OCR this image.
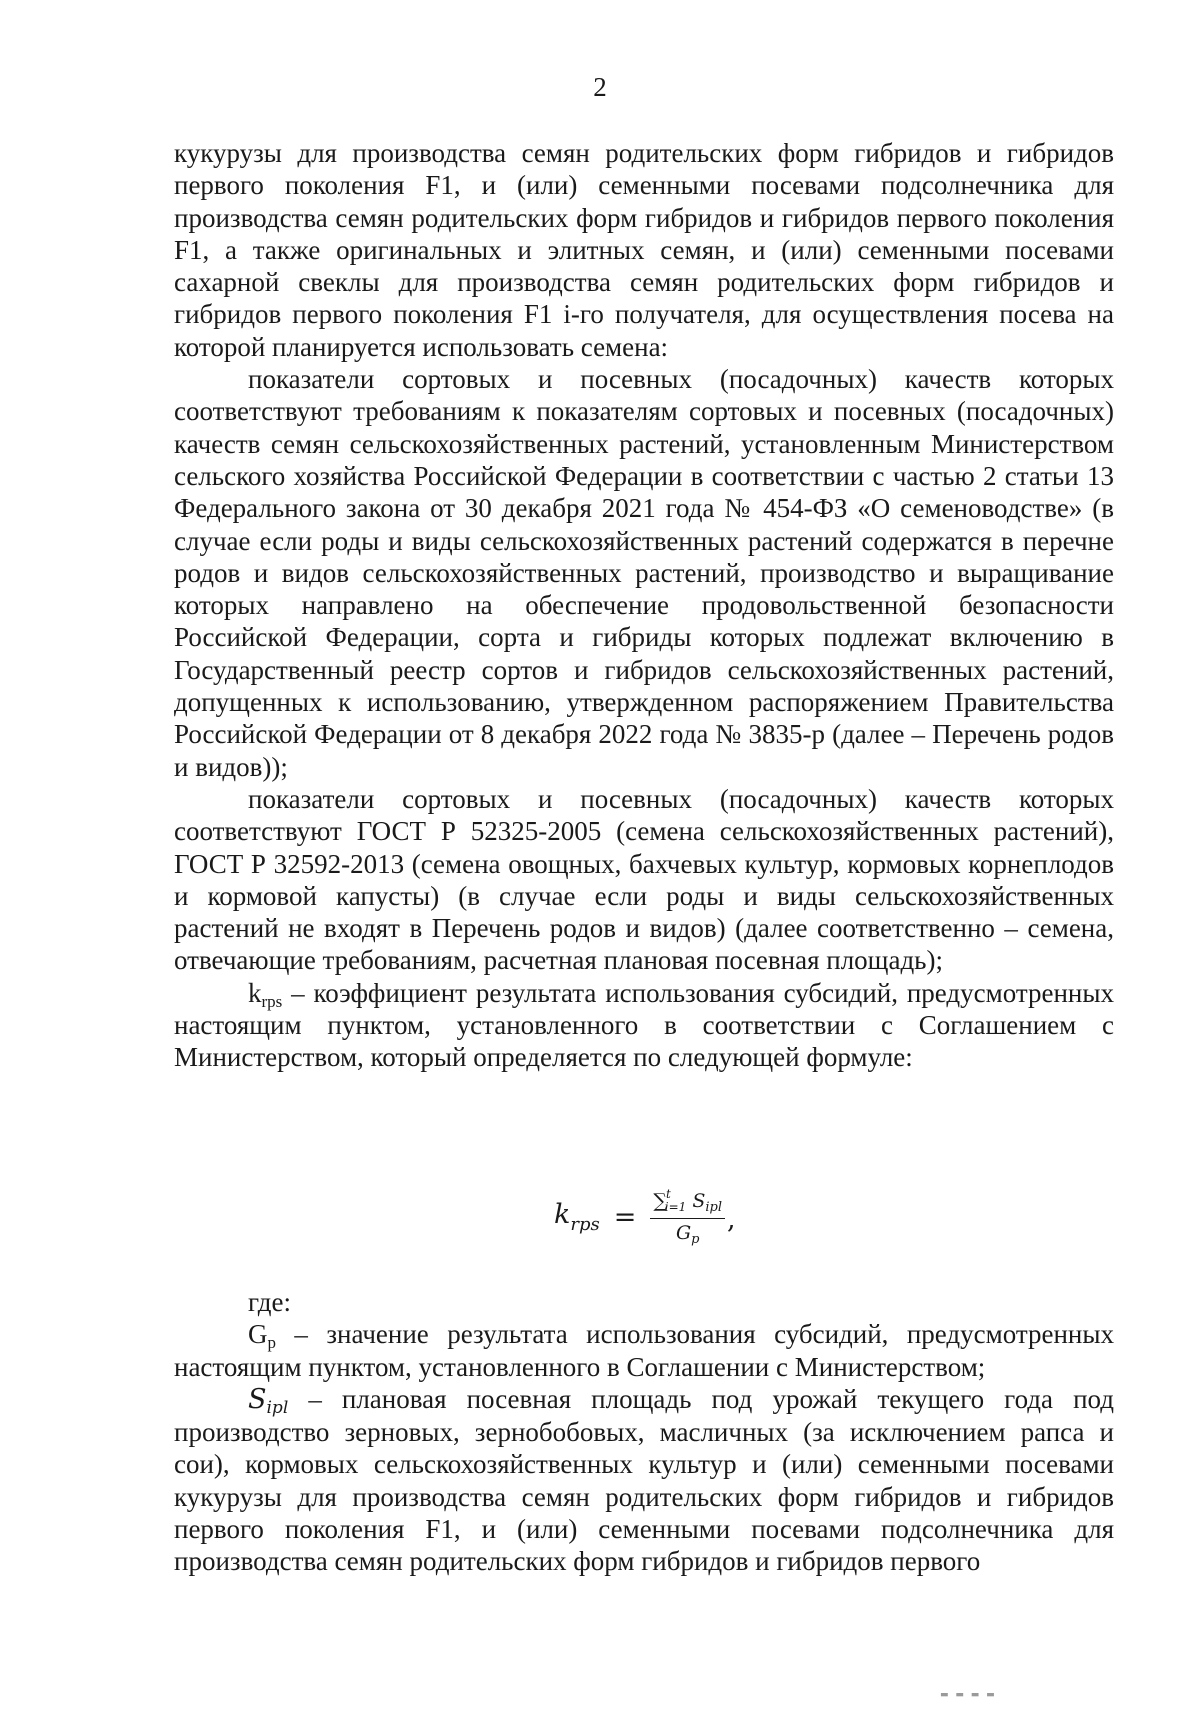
2

кукурузы для производства семян родительских форм гибридов и гибридов первого поколения F1, и (или) семенными посевами подсолнечника для производства семян родительских форм гибридов и гибридов первого поколения F1, а также оригинальных и элитных семян, и (или) семенными посевами сахарной свеклы для производства семян родительских форм гибридов и гибридов первого поколения F1 i-го получателя, для осуществления посева на которой планируется использовать семена:

показатели сортовых и посевных (посадочных) качеств которых соответствуют требованиям к показателям сортовых и посевных (посадочных) качеств семян сельскохозяйственных растений, установленным Министерством сельского хозяйства Российской Федерации в соответствии с частью 2 статьи 13 Федерального закона от 30 декабря 2021 года № 454-ФЗ «О семеноводстве» (в случае если роды и виды сельскохозяйственных растений содержатся в перечне родов и видов сельскохозяйственных растений, производство и выращивание которых направлено на обеспечение продовольственной безопасности Российской Федерации, сорта и гибриды которых подлежат включению в Государственный реестр сортов и гибридов сельскохозяйственных растений, допущенных к использованию, утвержденном распоряжением Правительства Российской Федерации от 8 декабря 2022 года № 3835-р (далее – Перечень родов и видов));

показатели сортовых и посевных (посадочных) качеств которых соответствуют ГОСТ Р 52325-2005 (семена сельскохозяйственных растений), ГОСТ Р 32592-2013 (семена овощных, бахчевых культур, кормовых корнеплодов и кормовой капусты) (в случае если роды и виды сельскохозяйственных растений не входят в Перечень родов и видов) (далее соответственно – семена, отвечающие требованиям, расчетная плановая посевная площадь);

$k_{rps}$ – коэффициент результата использования субсидий, предусмотренных настоящим пунктом, установленного в соответствии с Соглашением с Министерством, который определяется по следующей формуле:

$k_{rps} = \frac{\sum^t_{i=1} S_{ipl}}{G_p}$ ,

где:

$G_p$ – значение результата использования субсидий, предусмотренных настоящим пунктом, установленного в Соглашении с Министерством;

$S_{ipl}$ – плановая посевная площадь под урожай текущего года под производство зерновых, зернобобовых, масличных (за исключением рапса и сои), кормовых сельскохозяйственных культур и (или) семенными посевами кукурузы для производства семян родительских форм гибридов и гибридов первого поколения F1, и (или) семенными посевами подсолнечника для производства семян родительских форм гибридов и гибридов первого

▬ ▬ ▬ ▬
